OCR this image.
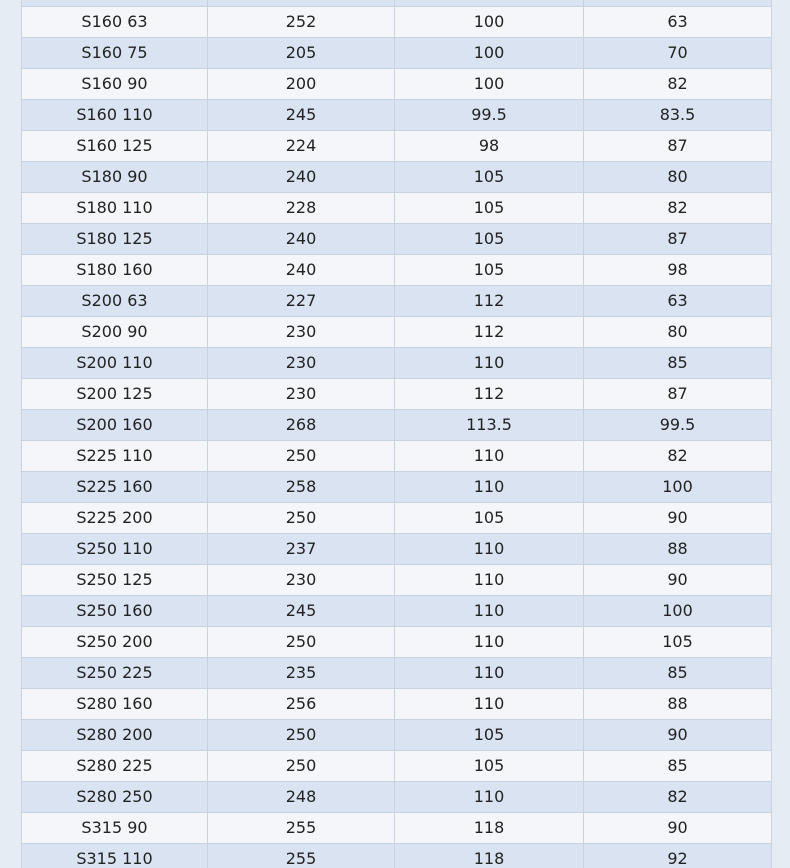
S160 63	252	100	63
S160 75	205	100	70
S160 90	200	100	82
S160 110	245	99.5	83.5
S160 125	224	98	87
S180 90	240	105	80
S180 110	228	105	82
S180 125	240	105	87
S180 160	240	105	98
S200 63	227	112	63
S200 90	230	112	80
S200 110	230	110	85
S200 125	230	112	87
S200 160	268	113.5	99.5
S225 110	250	110	82
S225 160	258	110	100
S225 200	250	105	90
S250 110	237	110	88
S250 125	230	110	90
S250 160	245	110	100
S250 200	250	110	105
S250 225	235	110	85
S280 160	256	110	88
S280 200	250	105	90
S280 225	250	105	85
S280 250	248	110	82
S315 90	255	118	90
S315 110	255	118	92
